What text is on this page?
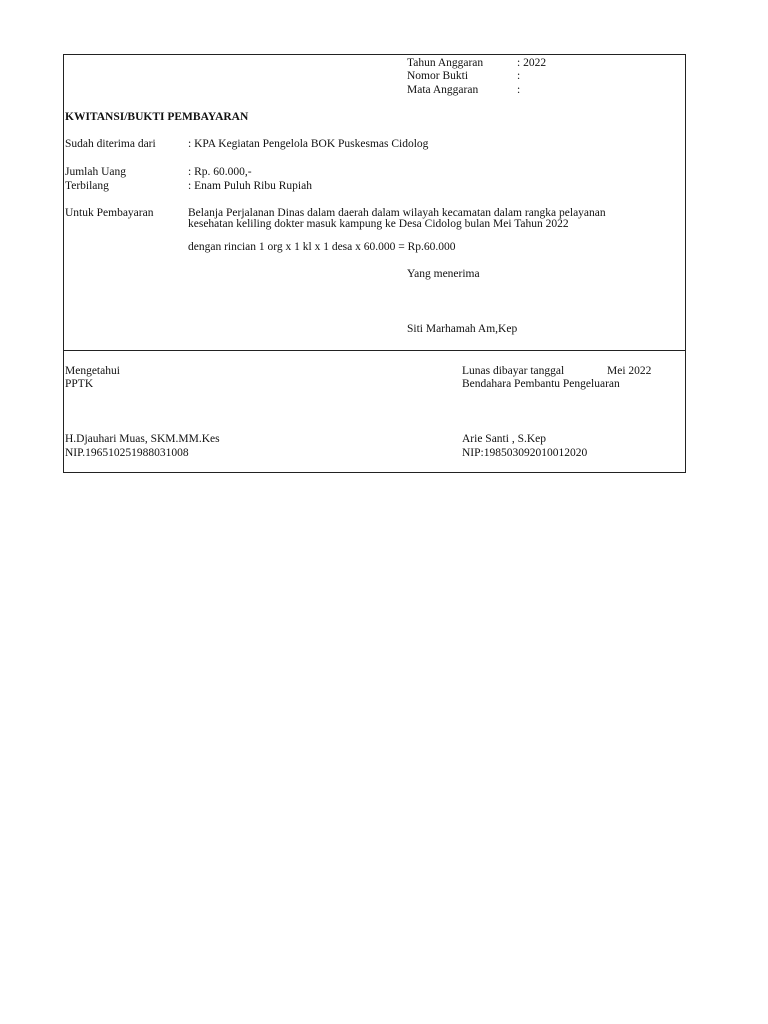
Tahun Anggaran	: 2022
Nomor Bukti	:
Mata Anggaran	:
KWITANSI/BUKTI PEMBAYARAN
Sudah diterima dari	: KPA Kegiatan Pengelola BOK Puskesmas Cidolog
Jumlah Uang	: Rp. 60.000,-
Terbilang	: Enam Puluh Ribu Rupiah
Untuk Pembayaran	Belanja Perjalanan Dinas dalam daerah dalam wilayah kecamatan dalam rangka pelayanan
kesehatan keliling dokter masuk kampung ke Desa Cidolog bulan Mei Tahun 2022
dengan rincian 1 org x 1 kl x 1 desa x 60.000 = Rp.60.000
Yang menerima
Siti Marhamah Am,Kep
Mengetahui
PPTK
H.Djauhari Muas, SKM.MM.Kes
NIP.196510251988031008
Lunas dibayar tanggal	Mei 2022
Bendahara Pembantu Pengeluaran
Arie Santi , S.Kep
NIP:198503092010012020
